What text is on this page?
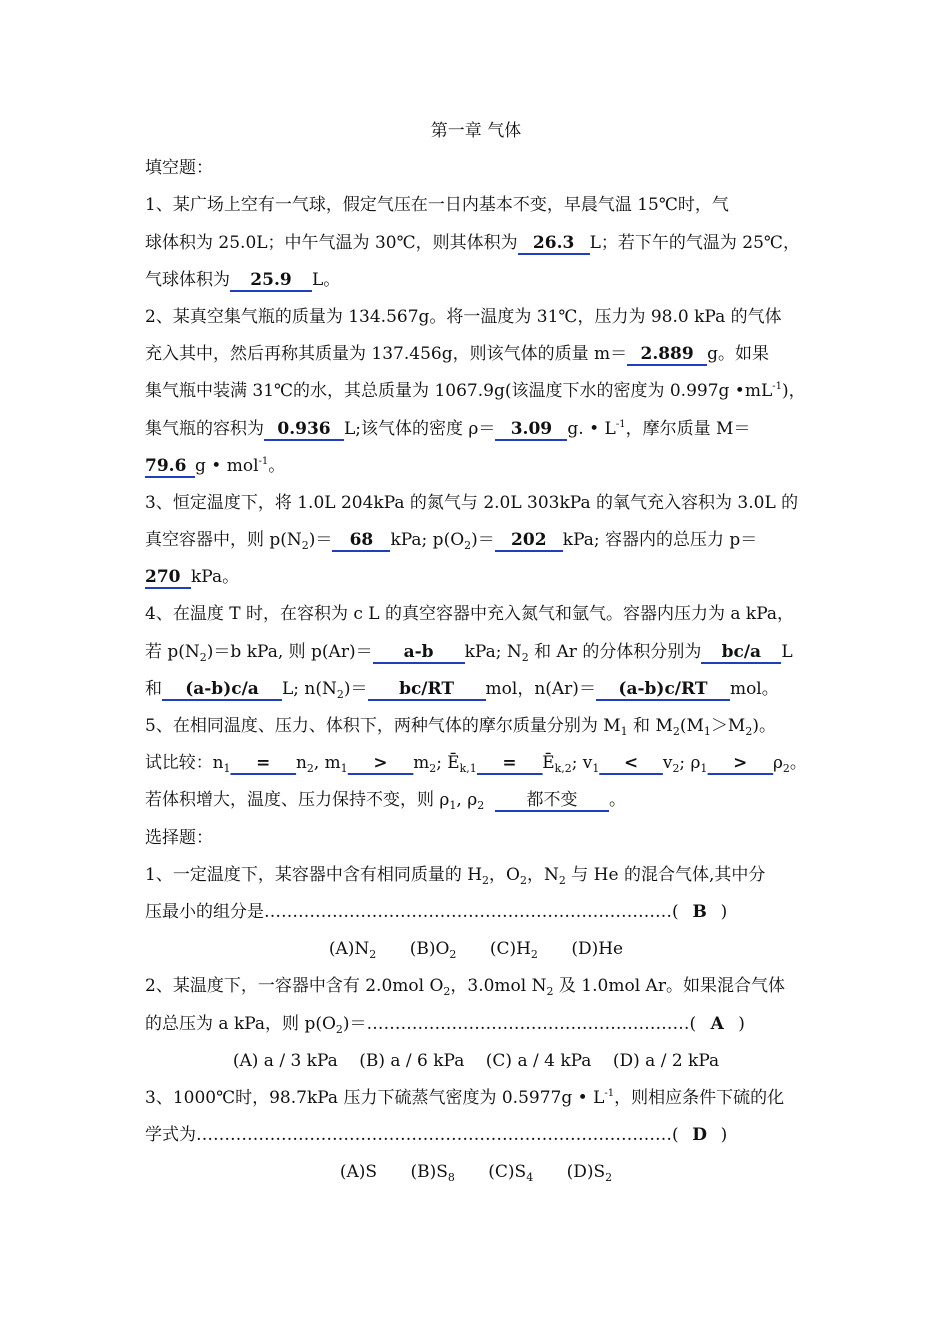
第一章 气体
填空题：
1、某广场上空有一气球，假定气压在一日内基本不变，早晨气温 15℃时，气
球体积为 25.0L；中午气温为 30℃，则其体积为 26.3 L；若下午的气温为 25℃，
气球体积为 25.9 L。
2、某真空集气瓶的质量为 134.567g。将一温度为 31℃，压力为 98.0 kPa 的气体
充入其中，然后再称其质量为 137.456g，则该气体的质量 m＝ 2.889 g。如果
集气瓶中装满 31℃的水，其总质量为 1067.9g(该温度下水的密度为 0.997g $•mL^{-1}$)，
集气瓶的容积为 0.936 L;该气体的密度 ρ＝ 3.09 g. • $L^{-1}$，摩尔质量 M＝
79.6 g • mol$^{-1}$。
3、恒定温度下，将 1.0L 204kPa 的氮气与 2.0L 303kPa 的氧气充入容积为 3.0L 的
真空容器中，则 $p(N_2)= 68$ kPa; $p(O_2)= 202$ kPa; 容器内的总压力 p＝
270 kPa。
4、在温度 T 时，在容积为 c L 的真空容器中充入氮气和氩气。容器内压力为 a kPa，
若 $p(N_2)=b$ kPa, 则 p(Ar)＝ a-b kPa; $N_2$ 和 Ar 的分体积分别为 bc/a L
和 (a-b)c/a L; $n(N_2)= bc/RT$ mol，n(Ar)＝ (a-b)c/RT mol。
5、在相同温度、压力、体积下，两种气体的摩尔质量分别为 $M_1$ 和 $M_2(M_1>M_2)$。
试比较：$n_1 = n_2$, $m_1 > m_2$; $Ē_{k,1}$ = $Ē_{k,2}$; $v_1 < v_2$; $\rho_1 > \rho_2$。
若体积增大，温度、压力保持不变，则 $\rho_1$, $\rho_2$ 都不变 。
选择题：
1、一定温度下，某容器中含有相同质量的 $H_2$，$O_2$，$N_2$ 与 He 的混合气体,其中分
压最小的组分是………………………………………………………………( B )
$(A)N_2$ $(B)O_2$ $(C)H_2$ (D)He
2、某温度下，一容器中含有 2.0mol $O_2$，3.0mol $N_2$ 及 1.0mol Ar。如果混合气体
的总压为 a kPa，则 $p(O_2)=\dots\dots\dots\dots\dots\dots\dots\dots\dots\dots\dots\dots\dots\dots\dots\dots\dots\dots\dots$( A )
(A) a / 3 kPa (B) a / 6 kPa (C) a / 4 kPa (D) a / 2 kPa
3、1000℃时，98.7kPa 压力下硫蒸气密度为 0.5977g • $L^{-1}$，则相应条件下硫的化
学式为…………………………………………………………………………( D )
(A)S $(B)S_8$ $(C)S_4$ $(D)S_2$
